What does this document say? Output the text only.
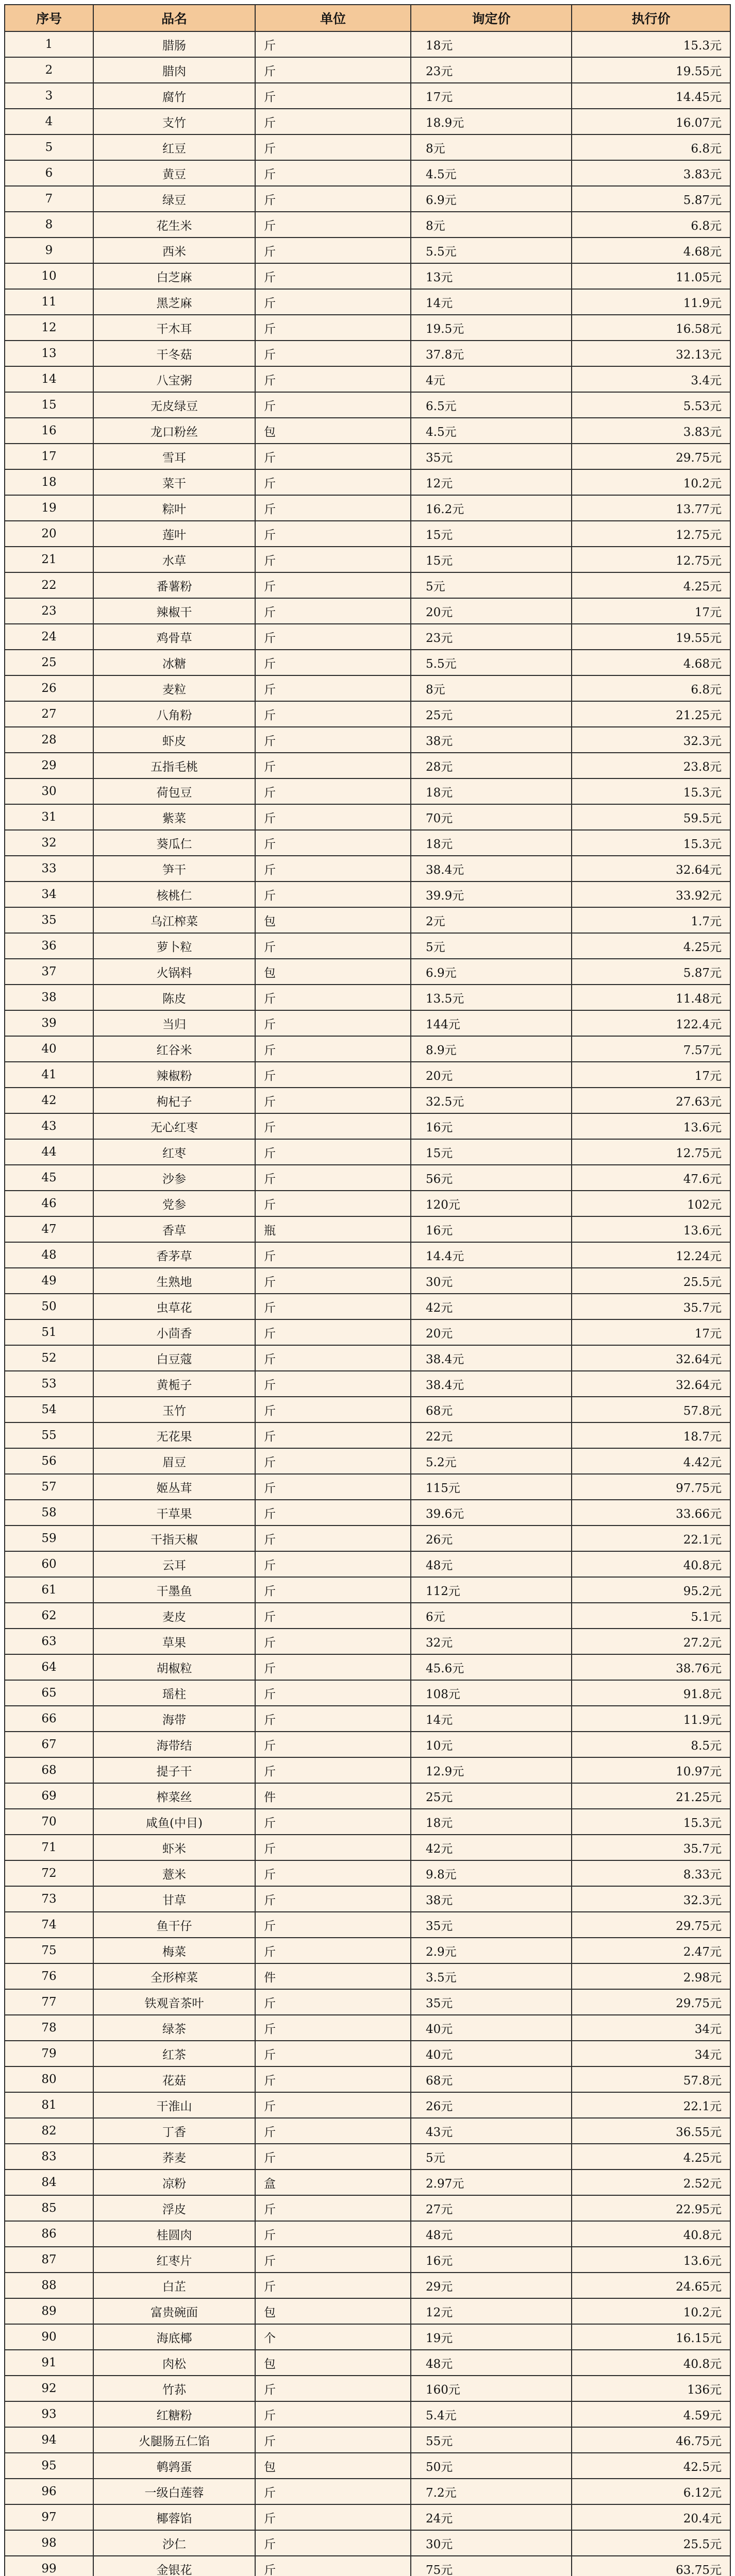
序号	品名	单位	询定价	执行价
1	腊肠	斤	18元	15.3元
2	腊肉	斤	23元	19.55元
3	腐竹	斤	17元	14.45元
4	支竹	斤	18.9元	16.07元
5	红豆	斤	8元	6.8元
6	黄豆	斤	4.5元	3.83元
7	绿豆	斤	6.9元	5.87元
8	花生米	斤	8元	6.8元
9	西米	斤	5.5元	4.68元
10	白芝麻	斤	13元	11.05元
11	黑芝麻	斤	14元	11.9元
12	干木耳	斤	19.5元	16.58元
13	干冬菇	斤	37.8元	32.13元
14	八宝粥	斤	4元	3.4元
15	无皮绿豆	斤	6.5元	5.53元
16	龙口粉丝	包	4.5元	3.83元
17	雪耳	斤	35元	29.75元
18	菜干	斤	12元	10.2元
19	粽叶	斤	16.2元	13.77元
20	莲叶	斤	15元	12.75元
21	水草	斤	15元	12.75元
22	番薯粉	斤	5元	4.25元
23	辣椒干	斤	20元	17元
24	鸡骨草	斤	23元	19.55元
25	冰糖	斤	5.5元	4.68元
26	麦粒	斤	8元	6.8元
27	八角粉	斤	25元	21.25元
28	虾皮	斤	38元	32.3元
29	五指毛桃	斤	28元	23.8元
30	荷包豆	斤	18元	15.3元
31	紫菜	斤	70元	59.5元
32	葵瓜仁	斤	18元	15.3元
33	笋干	斤	38.4元	32.64元
34	核桃仁	斤	39.9元	33.92元
35	乌江榨菜	包	2元	1.7元
36	萝卜粒	斤	5元	4.25元
37	火锅料	包	6.9元	5.87元
38	陈皮	斤	13.5元	11.48元
39	当归	斤	144元	122.4元
40	红谷米	斤	8.9元	7.57元
41	辣椒粉	斤	20元	17元
42	枸杞子	斤	32.5元	27.63元
43	无心红枣	斤	16元	13.6元
44	红枣	斤	15元	12.75元
45	沙参	斤	56元	47.6元
46	党参	斤	120元	102元
47	香草	瓶	16元	13.6元
48	香茅草	斤	14.4元	12.24元
49	生熟地	斤	30元	25.5元
50	虫草花	斤	42元	35.7元
51	小茴香	斤	20元	17元
52	白豆蔻	斤	38.4元	32.64元
53	黄栀子	斤	38.4元	32.64元
54	玉竹	斤	68元	57.8元
55	无花果	斤	22元	18.7元
56	眉豆	斤	5.2元	4.42元
57	姬丛茸	斤	115元	97.75元
58	干草果	斤	39.6元	33.66元
59	干指天椒	斤	26元	22.1元
60	云耳	斤	48元	40.8元
61	干墨鱼	斤	112元	95.2元
62	麦皮	斤	6元	5.1元
63	草果	斤	32元	27.2元
64	胡椒粒	斤	45.6元	38.76元
65	瑶柱	斤	108元	91.8元
66	海带	斤	14元	11.9元
67	海带结	斤	10元	8.5元
68	提子干	斤	12.9元	10.97元
69	榨菜丝	件	25元	21.25元
70	咸鱼(中目)	斤	18元	15.3元
71	虾米	斤	42元	35.7元
72	薏米	斤	9.8元	8.33元
73	甘草	斤	38元	32.3元
74	鱼干仔	斤	35元	29.75元
75	梅菜	斤	2.9元	2.47元
76	全形榨菜	件	3.5元	2.98元
77	铁观音茶叶	斤	35元	29.75元
78	绿茶	斤	40元	34元
79	红茶	斤	40元	34元
80	花菇	斤	68元	57.8元
81	干淮山	斤	26元	22.1元
82	丁香	斤	43元	36.55元
83	荞麦	斤	5元	4.25元
84	凉粉	盒	2.97元	2.52元
85	浮皮	斤	27元	22.95元
86	桂圆肉	斤	48元	40.8元
87	红枣片	斤	16元	13.6元
88	白芷	斤	29元	24.65元
89	富贵碗面	包	12元	10.2元
90	海底椰	个	19元	16.15元
91	肉松	包	48元	40.8元
92	竹荪	斤	160元	136元
93	红糖粉	斤	5.4元	4.59元
94	火腿肠五仁馅	斤	55元	46.75元
95	鹌鹑蛋	包	50元	42.5元
96	一级白莲蓉	斤	7.2元	6.12元
97	椰蓉馅	斤	24元	20.4元
98	沙仁	斤	30元	25.5元
99	金银花	斤	75元	63.75元
